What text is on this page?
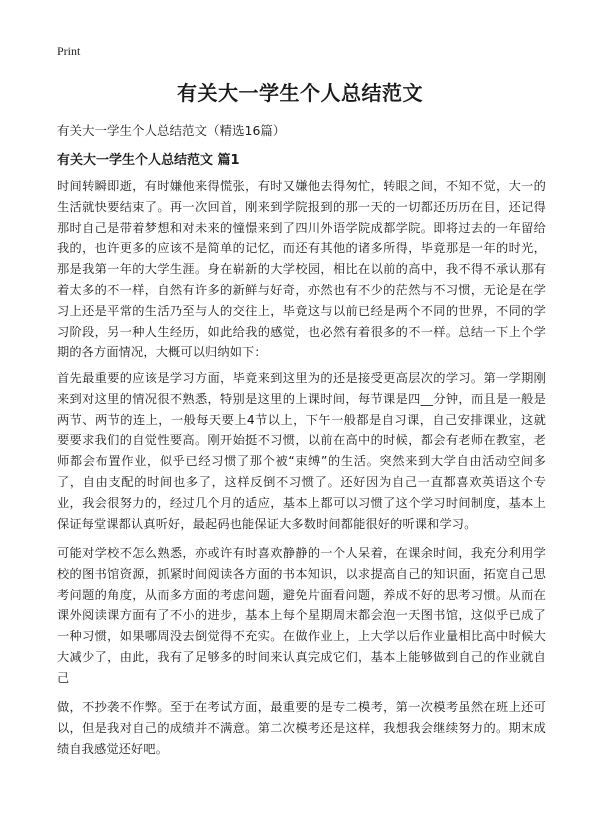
Print
有关大一学生个人总结范文

有关大一学生个人总结范文（精选16篇）

有关大一学生个人总结范文 篇1

时间转瞬即逝，有时嫌他来得慌张，有时又嫌他去得匆忙，转眼之间，不知不觉，大一的生活就快要结束了。再一次回首，刚来到学院报到的那一天的一切都还历历在目，还记得那时自己是带着梦想和对未来的憧憬来到了四川外语学院成都学院。即将过去的一年留给我的，也许更多的应该不是简单的记忆，而还有其他的诸多所得，毕竟那是一年的时光，那是我第一年的大学生涯。身在崭新的大学校园，相比在以前的高中，我不得不承认那有着太多的不一样，自然有许多的新鲜与好奇，亦然也有不少的茫然与不习惯，无论是在学习上还是平常的生活乃至与人的交往上，毕竟这与以前已经是两个不同的世界，不同的学习阶段，另一种人生经历，如此给我的感觉，也必然有着很多的不一样。总结一下上个学期的各方面情况，大概可以归纳如下：

首先最重要的应该是学习方面，毕竟来到这里为的还是接受更高层次的学习。第一学期刚来到对这里的情况很不熟悉，特别是这里的上课时间，每节课是四__分钟，而且是一般是两节、两节的连上，一般每天要上4节以上，下午一般都是自习课，自己安排课业，这就要要求我们的自觉性要高。刚开始挺不习惯，以前在高中的时候，都会有老师在教室，老师都会布置作业，似乎已经习惯了那个被“束缚”的生活。突然来到大学自由活动空间多了，自由支配的时间也多了，这样反倒不习惯了。还好因为自己一直都喜欢英语这个专业，我会很努力的，经过几个月的适应，基本上都可以习惯了这个学习时间制度，基本上保证每堂课都认真听好，最起码也能保证大多数时间都能很好的听课和学习。

可能对学校不怎么熟悉，亦或许有时喜欢静静的一个人呆着，在课余时间，我充分利用学校的图书馆资源，抓紧时间阅读各方面的书本知识，以求提高自己的知识面，拓宽自己思考问题的角度，从而多方面的考虑问题，避免片面看问题，养成不好的思考习惯。从而在课外阅读课方面有了不小的进步，基本上每个星期周末都会泡一天图书馆，这似乎已成了一种习惯，如果哪周没去倒觉得不充实。在做作业上，上大学以后作业量相比高中时候大大减少了，由此，我有了足够多的时间来认真完成它们，基本上能够做到自己的作业就自己

做，不抄袭不作弊。至于在考试方面，最重要的是专二模考，第一次模考虽然在班上还可以，但是我对自己的成绩并不满意。第二次模考还是这样，我想我会继续努力的。期末成绩自我感觉还好吧。
